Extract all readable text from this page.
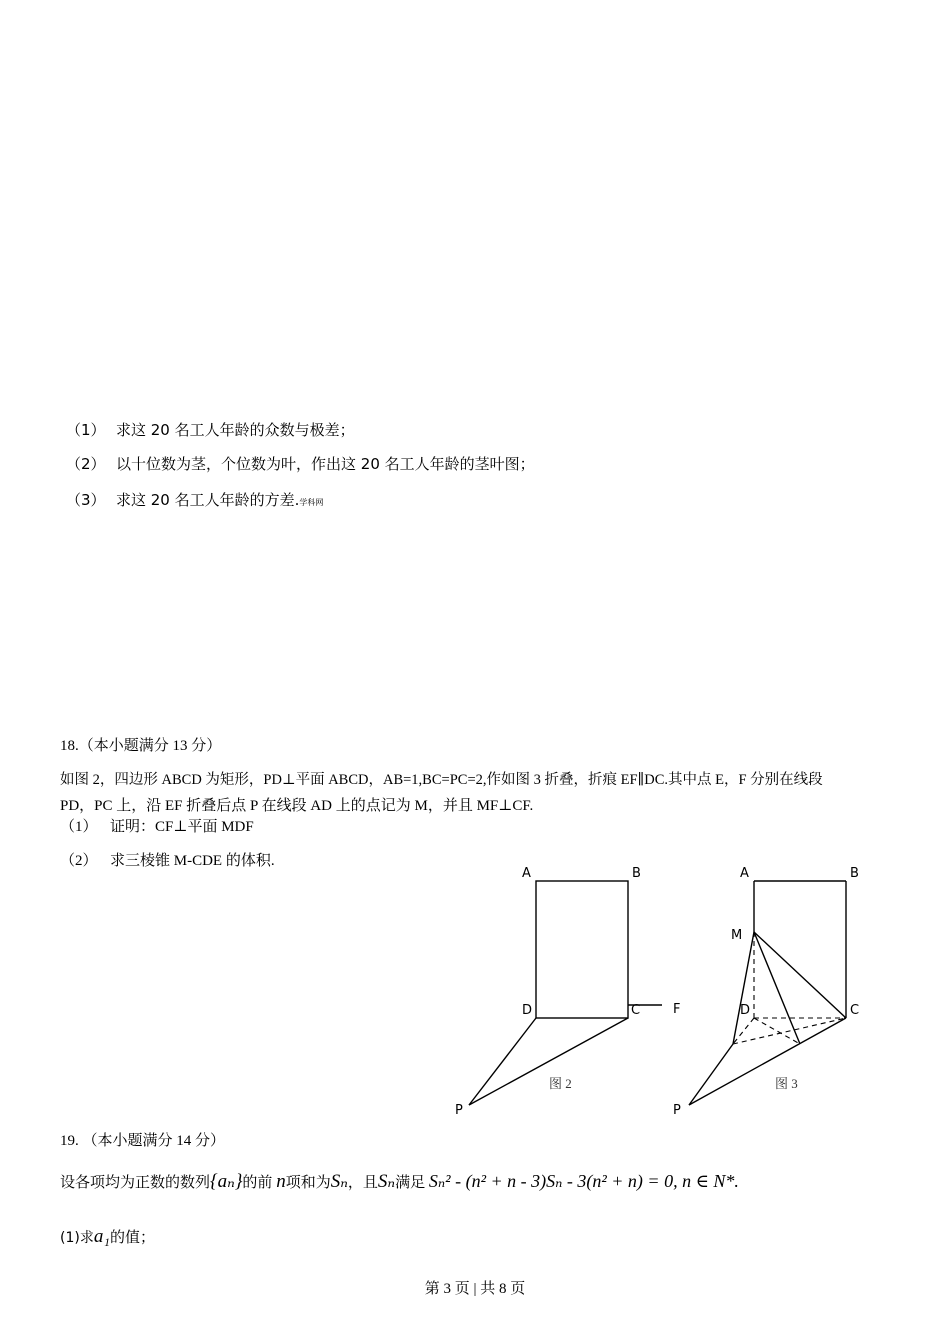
（1） 求这 20 名工人年龄的众数与极差；
（2） 以十位数为茎，个位数为叶，作出这 20 名工人年龄的茎叶图；
（3） 求这 20 名工人年龄的方差.学科网
18.（本小题满分 13 分）
如图 2，四边形 ABCD 为矩形，PD⊥平面 ABCD，AB=1,BC=PC=2,作如图 3 折叠，折痕 EF∥DC.其中点 E，F 分别在线段
PD，PC 上，沿 EF 折叠后点 P 在线段 AD 上的点记为 M，并且 MF⊥CF.
（1） 证明：CF⊥平面 MDF
（2） 求三棱锥 M-CDE 的体积.
A	B
D	C	F
P
图 2
A	B
M
D	C
P
图 3
19. （本小题满分 14 分）
设各项均为正数的数列{aₙ}的前 n项和为Sₙ，且Sₙ满足 Sₙ² - (n² + n - 3)Sₙ - 3(n² + n) = 0, n ∈ N*.
(1)求a₁的值；
第 3 页 | 共 8 页
